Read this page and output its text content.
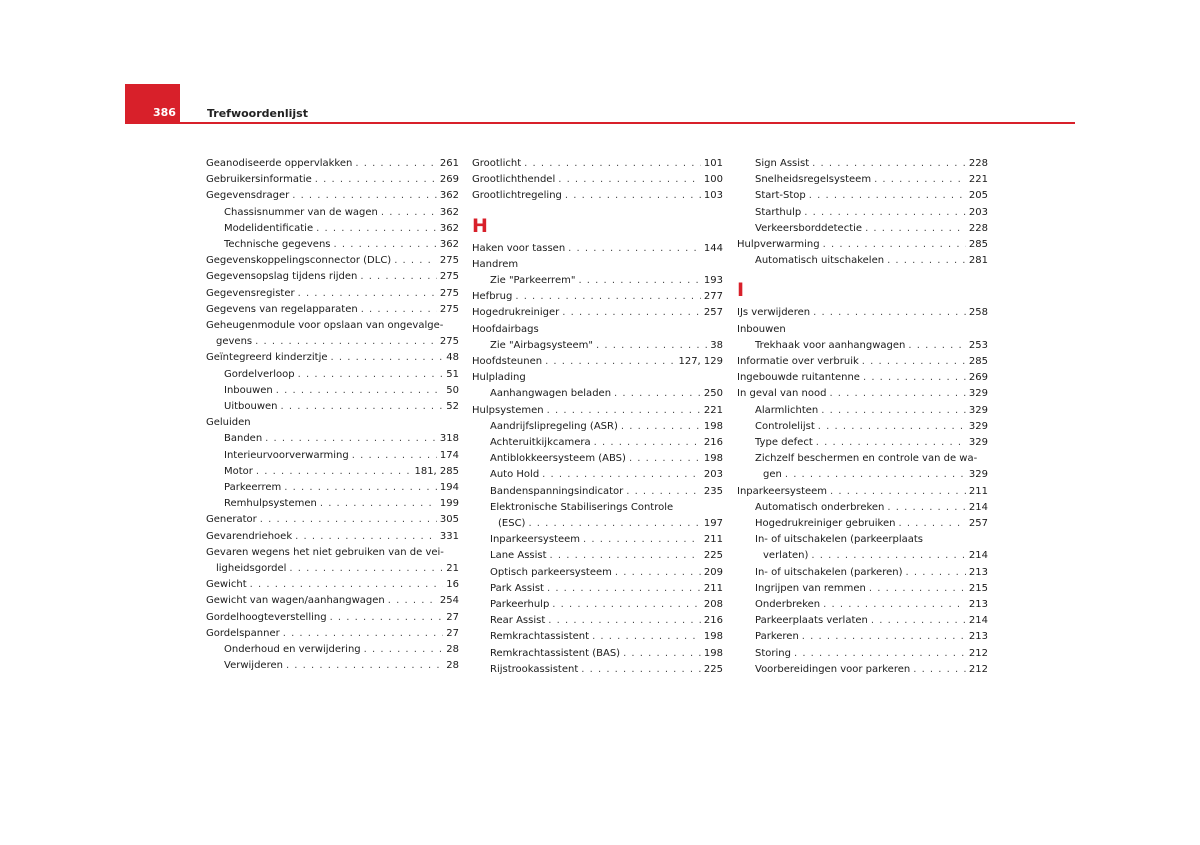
386	Trefwoordenlijst
Geanodiseerde oppervlakken . . .	261
Gebruikersinformatie . . .	269
Gegevensdrager . . .	362
Chassisnummer van de wagen . . .	362
Modelidentificatie . . .	362
Technische gegevens . . .	362
Gegevenskoppelingsconnector (DLC) . . .	275
Gegevensopslag tijdens rijden . . .	275
Gegevensregister . . .	275
Gegevens van regelapparaten . . .	275
Geheugenmodule voor opslaan van ongevalge-
gevens . . .	275
Geïntegreerd kinderzitje . . .	48
Gordelverloop . . .	51
Inbouwen . . .	50
Uitbouwen . . .	52
Geluiden
Banden . . .	318
Interieurvoorverwarming . . .	174
Motor . . .	181, 285
Parkeerrem . . .	194
Remhulpsystemen . . .	199
Generator . . .	305
Gevarendriehoek . . .	331
Gevaren wegens het niet gebruiken van de vei-
ligheidsgordel . . .	21
Gewicht . . .	16
Gewicht van wagen/aanhangwagen . . .	254
Gordelhoogteverstelling . . .	27
Gordelspanner . . .	27
Onderhoud en verwijdering . . .	28
Verwijderen . . .	28
Grootlicht . . .	101
Grootlichthendel . . .	100
Grootlichtregeling . . .	103
H
Haken voor tassen . . .	144
Handrem
Zie "Parkeerrem" . . .	193
Hefbrug . . .	277
Hogedrukreiniger . . .	257
Hoofdairbags
Zie "Airbagsysteem" . . .	38
Hoofdsteunen . . .	127, 129
Hulplading
Aanhangwagen beladen . . .	250
Hulpsystemen . . .	221
Aandrijfslipregeling (ASR) . . .	198
Achteruitkijkcamera . . .	216
Antiblokkeersysteem (ABS) . . .	198
Auto Hold . . .	203
Bandenspanningsindicator . . .	235
Elektronische Stabiliserings Controle
(ESC) . . .	197
Inparkeersysteem . . .	211
Lane Assist . . .	225
Optisch parkeersysteem . . .	209
Park Assist . . .	211
Parkeerhulp . . .	208
Rear Assist . . .	216
Remkrachtassistent . . .	198
Remkrachtassistent (BAS) . . .	198
Rijstrookassistent . . .	225
Sign Assist . . .	228
Snelheidsregelsysteem . . .	221
Start-Stop . . .	205
Starthulp . . .	203
Verkeersborddetectie . . .	228
Hulpverwarming . . .	285
Automatisch uitschakelen . . .	281
I
IJs verwijderen . . .	258
Inbouwen
Trekhaak voor aanhangwagen . . .	253
Informatie over verbruik . . .	285
Ingebouwde ruitantenne . . .	269
In geval van nood . . .	329
Alarmlichten . . .	329
Controlelijst . . .	329
Type defect . . .	329
Zichzelf beschermen en controle van de wa-
gen . . .	329
Inparkeersysteem . . .	211
Automatisch onderbreken . . .	214
Hogedrukreiniger gebruiken . . .	257
In- of uitschakelen (parkeerplaats
verlaten) . . .	214
In- of uitschakelen (parkeren) . . .	213
Ingrijpen van remmen . . .	215
Onderbreken . . .	213
Parkeerplaats verlaten . . .	214
Parkeren . . .	213
Storing . . .	212
Voorbereidingen voor parkeren . . .	212
